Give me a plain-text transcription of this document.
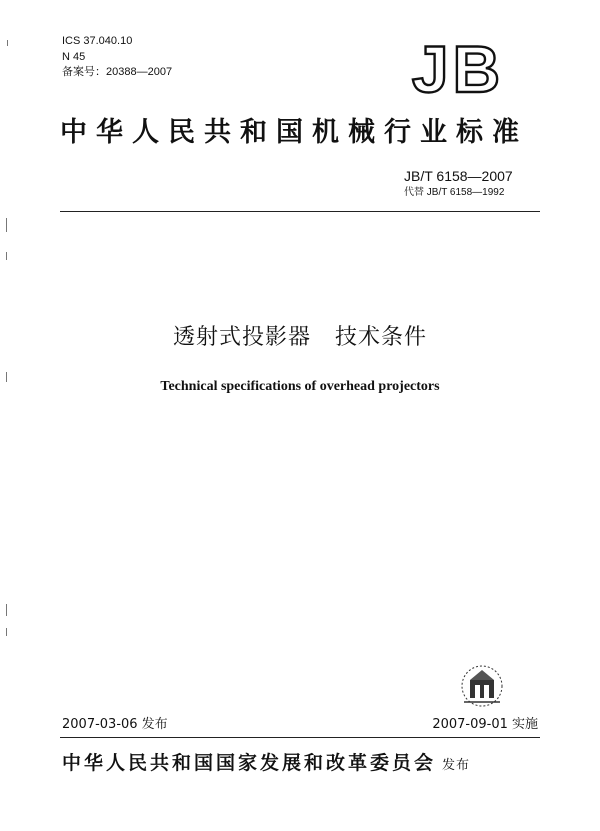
ICS 37.040.10
N 45
备案号：20388—2007	JB
中华人民共和国机械行业标准
JB/T 6158—2007
代替 JB/T 6158—1992
透射式投影器   技术条件
Technical specifications of overhead projectors
2007-03-06 发布	2007-09-01 实施
中华人民共和国国家发展和改革委员会 发布
